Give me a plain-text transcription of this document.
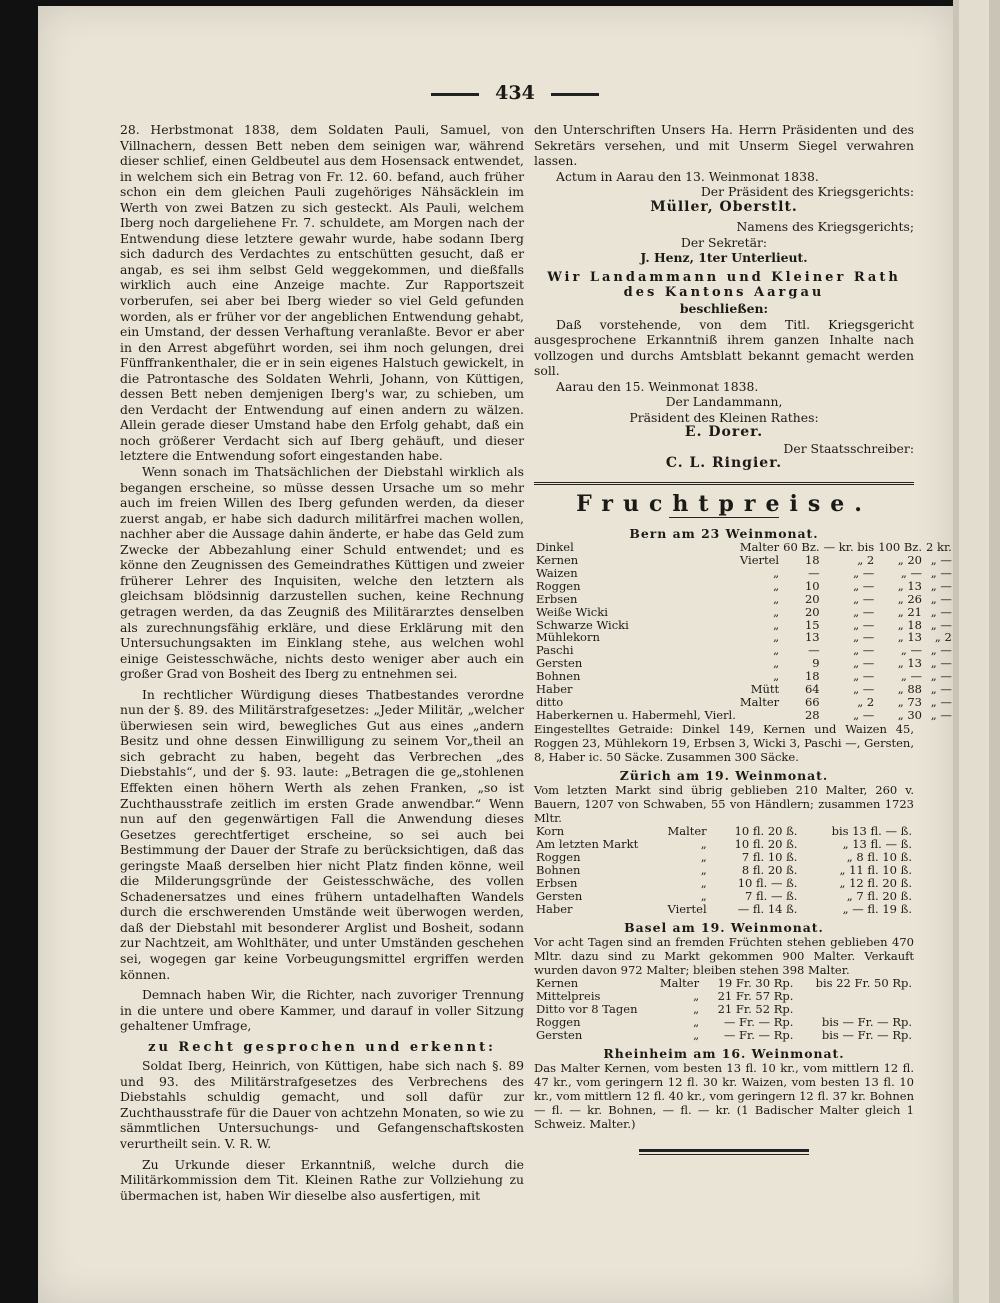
434

28. Herbstmonat 1838, dem Soldaten Pauli, Samuel, von Villnachern, dessen Bett neben dem seinigen war, während dieser schlief, einen Geldbeutel aus dem Hosensack entwendet, in welchem sich ein Betrag von Fr. 12. 60. befand, auch früher schon ein dem gleichen Pauli zugehöriges Nähsäcklein im Werth von zwei Batzen zu sich gesteckt. Als Pauli, welchem Iberg noch dargeliehene Fr. 7. schuldete, am Morgen nach der Entwendung diese letztere gewahr wurde, habe sodann Iberg sich dadurch des Verdachtes zu entschütten gesucht, daß er angab, es sei ihm selbst Geld weggekommen, und dießfalls wirklich auch eine Anzeige machte. Zur Rapportszeit vorberufen, sei aber bei Iberg wieder so viel Geld gefunden worden, als er früher vor der angeblichen Entwendung gehabt, ein Umstand, der dessen Verhaftung veranlaßte. Bevor er aber in den Arrest abgeführt worden, sei ihm noch gelungen, drei Fünffrankenthaler, die er in sein eigenes Halstuch gewickelt, in die Patrontasche des Soldaten Wehrli, Johann, von Küttigen, dessen Bett neben demjenigen Iberg's war, zu schieben, um den Verdacht der Entwendung auf einen andern zu wälzen. Allein gerade dieser Umstand habe den Erfolg gehabt, daß ein noch größerer Verdacht sich auf Iberg gehäuft, und dieser letztere die Entwendung sofort eingestanden habe.

Wenn sonach im Thatsächlichen der Diebstahl wirklich als begangen erscheine, so müsse dessen Ursache um so mehr auch im freien Willen des Iberg gefunden werden, da dieser zuerst angab, er habe sich dadurch militärfrei machen wollen, nachher aber die Aussage dahin änderte, er habe das Geld zum Zwecke der Abbezahlung einer Schuld entwendet; und es könne den Zeugnissen des Gemeindrathes Küttigen und zweier früherer Lehrer des Inquisiten, welche den letztern als gleichsam blödsinnig darzustellen suchen, keine Rechnung getragen werden, da das Zeugniß des Militärarztes denselben als zurechnungsfähig erkläre, und diese Erklärung mit den Untersuchungsakten im Einklang stehe, aus welchen wohl einige Geistesschwäche, nichts desto weniger aber auch ein großer Grad von Bosheit des Iberg zu entnehmen sei.

In rechtlicher Würdigung dieses Thatbestandes verordne nun der §. 89. des Militärstrafgesetzes: „Jeder Militär, „welcher überwiesen sein wird, bewegliches Gut aus eines „andern Besitz und ohne dessen Einwilligung zu seinem Vor„theil an sich gebracht zu haben, begeht das Verbrechen „des Diebstahls“, und der §. 93. laute: „Betragen die ge„stohlenen Effekten einen höhern Werth als zehen Franken, „so ist Zuchthausstrafe zeitlich im ersten Grade anwendbar.“ Wenn nun auf den gegenwärtigen Fall die Anwendung dieses Gesetzes gerechtfertiget erscheine, so sei auch bei Bestimmung der Dauer der Strafe zu berücksichtigen, daß das geringste Maaß derselben hier nicht Platz finden könne, weil die Milderungsgründe der Geistesschwäche, des vollen Schadenersatzes und eines frühern untadelhaften Wandels durch die erschwerenden Umstände weit überwogen werden, daß der Diebstahl mit besonderer Arglist und Bosheit, sodann zur Nachtzeit, am Wohlthäter, und unter Umständen geschehen sei, wogegen gar keine Vorbeugungsmittel ergriffen werden können.

Demnach haben Wir, die Richter, nach zuvoriger Trennung in die untere und obere Kammer, und darauf in voller Sitzung gehaltener Umfrage,

zu Recht gesprochen und erkennt:

Soldat Iberg, Heinrich, von Küttigen, habe sich nach §. 89 und 93. des Militärstrafgesetzes des Verbrechens des Diebstahls schuldig gemacht, und soll dafür zur Zuchthausstrafe für die Dauer von achtzehn Monaten, so wie zu sämmtlichen Untersuchungs- und Gefangenschaftskosten verurtheilt sein. V. R. W.

Zu Urkunde dieser Erkanntniß, welche durch die Militärkommission dem Tit. Kleinen Rathe zur Vollziehung zu übermachen ist, haben Wir dieselbe also ausfertigen, mit

den Unterschriften Unsers Ha. Herrn Präsidenten und des Sekretärs versehen, und mit Unserm Siegel verwahren lassen.

Actum in Aarau den 13. Weinmonat 1838.

Der Präsident des Kriegsgerichts:

Müller, Oberstlt.

Namens des Kriegsgerichts;

Der Sekretär:

J. Henz, 1ter Unterlieut.

Wir Landammann und Kleiner Rath

des Kantons Aargau

beschließen:

Daß vorstehende, von dem Titl. Kriegsgericht ausgesprochene Erkanntniß ihrem ganzen Inhalte nach vollzogen und durchs Amtsblatt bekannt gemacht werden soll.

Aarau den 15. Weinmonat 1838.

Der Landammann,

Präsident des Kleinen Rathes:

E. Dorer.

Der Staatsschreiber:

C. L. Ringier.

Fruchtpreise.
Bern am 23 Weinmonat.
Dinkel	Malter	60 Bz.	— kr. bis	100 Bz.	2 kr.
Kernen	Viertel	18	„ 2	„ 20	„ —
Waizen	„	—	„ —	„ —	„ —
Roggen	„	10	„ —	„ 13	„ —
Erbsen	„	20	„ —	„ 26	„ —
Weiße Wicki	„	20	„ —	„ 21	„ —
Schwarze Wicki	„	15	„ —	„ 18	„ —
Mühlekorn	„	13	„ —	„ 13	„ 2
Paschi	„	—	„ —	„ —	„ —
Gersten	„	9	„ —	„ 13	„ —
Bohnen	„	18	„ —	„ —	„ —
Haber	Mütt	64	„ —	„ 88	„ —
ditto	Malter	66	„ 2	„ 73	„ —
Haberkernen u. Habermehl, Vierl.		28	„ —	„ 30	„ —

Eingestelltes Getraide: Dinkel 149, Kernen und Waizen 45, Roggen 23, Mühlekorn 19, Erbsen 3, Wicki 3, Paschi —, Gersten, 8, Haber ic. 50 Säcke. Zusammen 300 Säcke.

Zürich am 19. Weinmonat.

Vom letzten Markt sind übrig geblieben 210 Malter, 260 v. Bauern, 1207 von Schwaben, 55 von Händlern; zusammen 1723 Mltr.

Korn	Malter	10 fl. 20 ß.	bis 13 fl. — ß.
Am letzten Markt	„	10 fl. 20 ß.	„ 13 fl. — ß.
Roggen	„	7 fl. 10 ß.	„ 8 fl. 10 ß.
Bohnen	„	8 fl. 20 ß.	„ 11 fl. 10 ß.
Erbsen	„	10 fl. — ß.	„ 12 fl. 20 ß.
Gersten	„	7 fl. — ß.	„ 7 fl. 20 ß.
Haber	Viertel	— fl. 14 ß.	„ — fl. 19 ß.
Basel am 19. Weinmonat.

Vor acht Tagen sind an fremden Früchten stehen geblieben 470 Mltr. dazu sind zu Markt gekommen 900 Malter. Verkauft wurden davon 972 Malter; bleiben stehen 398 Malter.

Kernen	Malter	19 Fr. 30 Rp.	bis 22 Fr. 50 Rp.
Mittelpreis	„	21 Fr. 57 Rp.	
Ditto vor 8 Tagen	„	21 Fr. 52 Rp.	
Roggen	„	— Fr. — Rp.	bis — Fr. — Rp.
Gersten	„	— Fr. — Rp.	bis — Fr. — Rp.
Rheinheim am 16. Weinmonat.

Das Malter Kernen, vom besten 13 fl. 10 kr., vom mittlern 12 fl. 47 kr., vom geringern 12 fl. 30 kr. Waizen, vom besten 13 fl. 10 kr., vom mittlern 12 fl. 40 kr., vom geringern 12 fl. 37 kr. Bohnen — fl. — kr. Bohnen, — fl. — kr. (1 Badischer Malter gleich 1 Schweiz. Malter.)
